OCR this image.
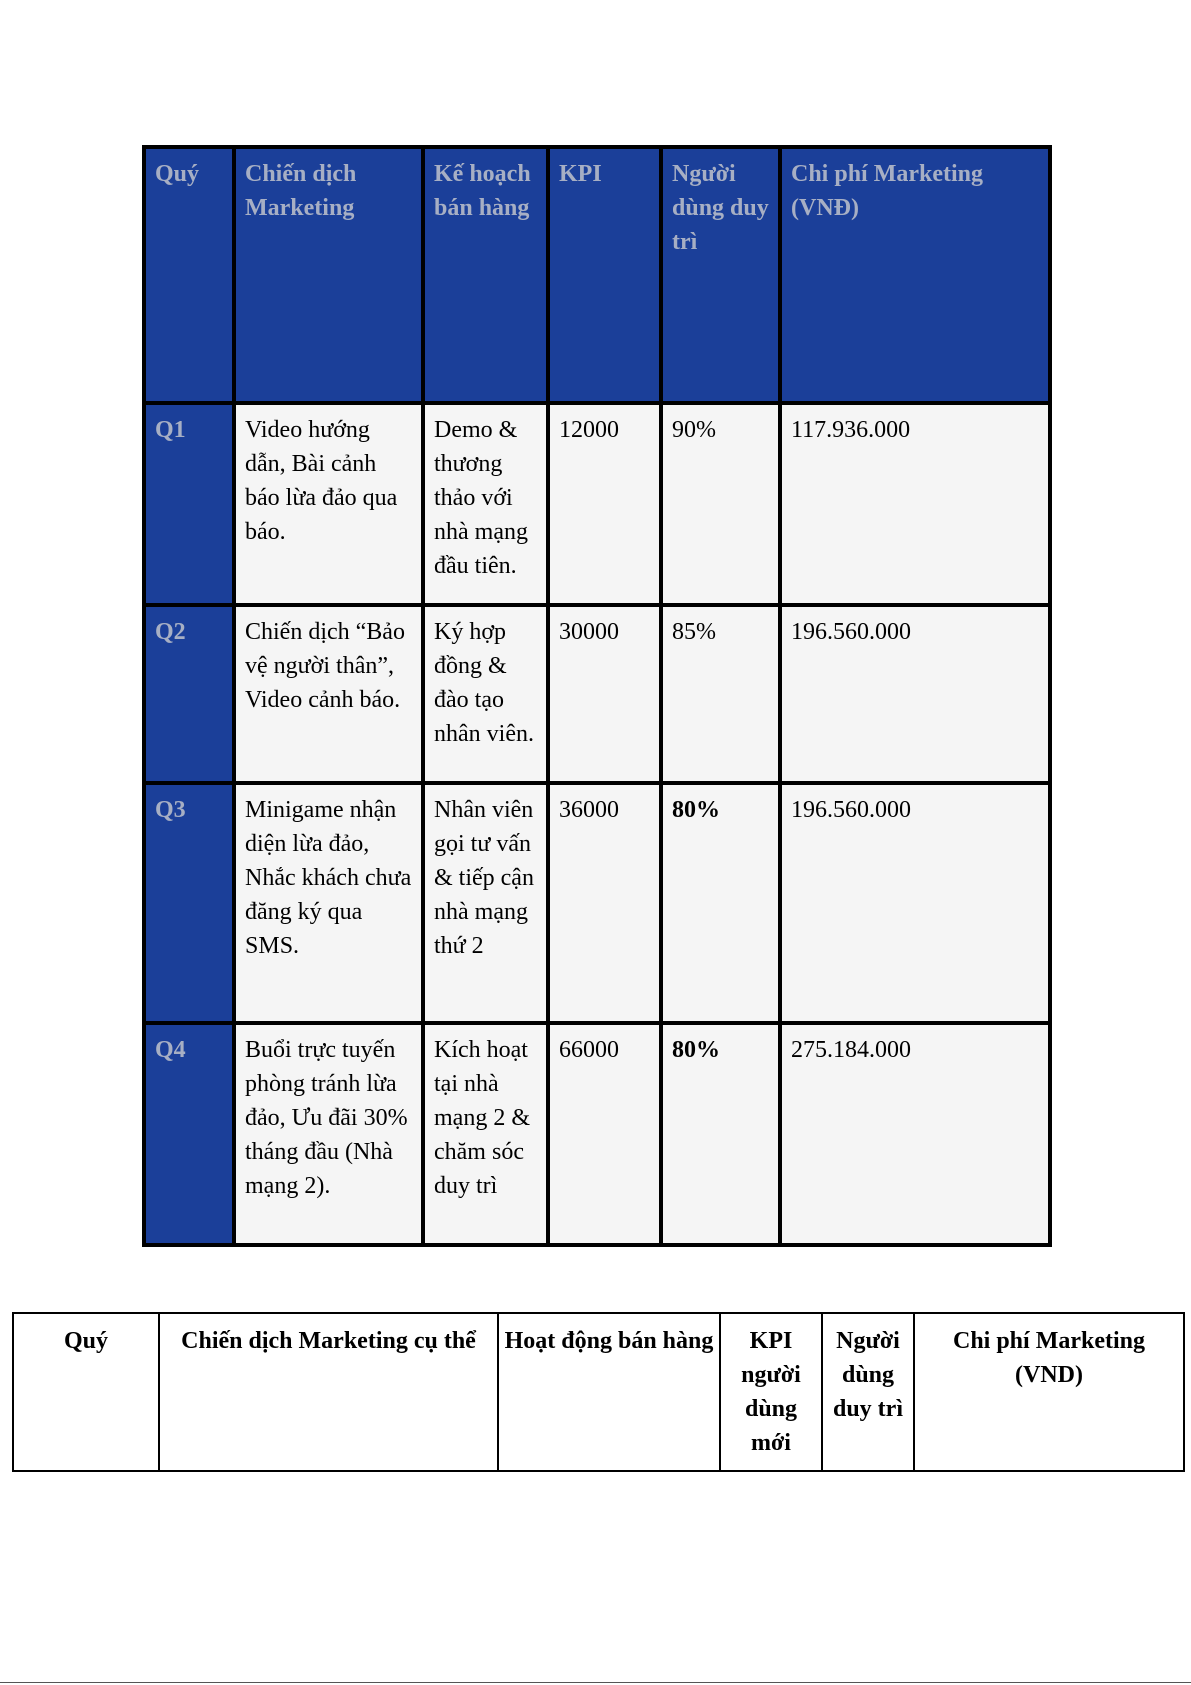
Quý	Chiến dịch Marketing	Kế hoạch bán hàng	KPI	Người dùng duy trì	Chi phí Marketing (VNĐ)
Q1	Video hướng dẫn, Bài cảnh báo lừa đảo qua báo.	Demo & thương thảo với nhà mạng đầu tiên.	12000	90%	117.936.000
Q2	Chiến dịch “Bảo vệ người thân”, Video cảnh báo.	Ký hợp đồng & đào tạo nhân viên.	30000	85%	196.560.000
Q3	Minigame nhận diện lừa đảo, Nhắc khách chưa đăng ký qua SMS.	Nhân viên gọi tư vấn & tiếp cận nhà mạng thứ 2	36000	80%	196.560.000
Q4	Buổi trực tuyến phòng tránh lừa đảo, Ưu đãi 30% tháng đầu (Nhà mạng 2).	Kích hoạt tại nhà mạng 2 & chăm sóc duy trì	66000	80%	275.184.000
Quý	Chiến dịch Marketing cụ thể	Hoạt động bán hàng	KPI người dùng mới	Người dùng duy trì	Chi phí Marketing (VND)
